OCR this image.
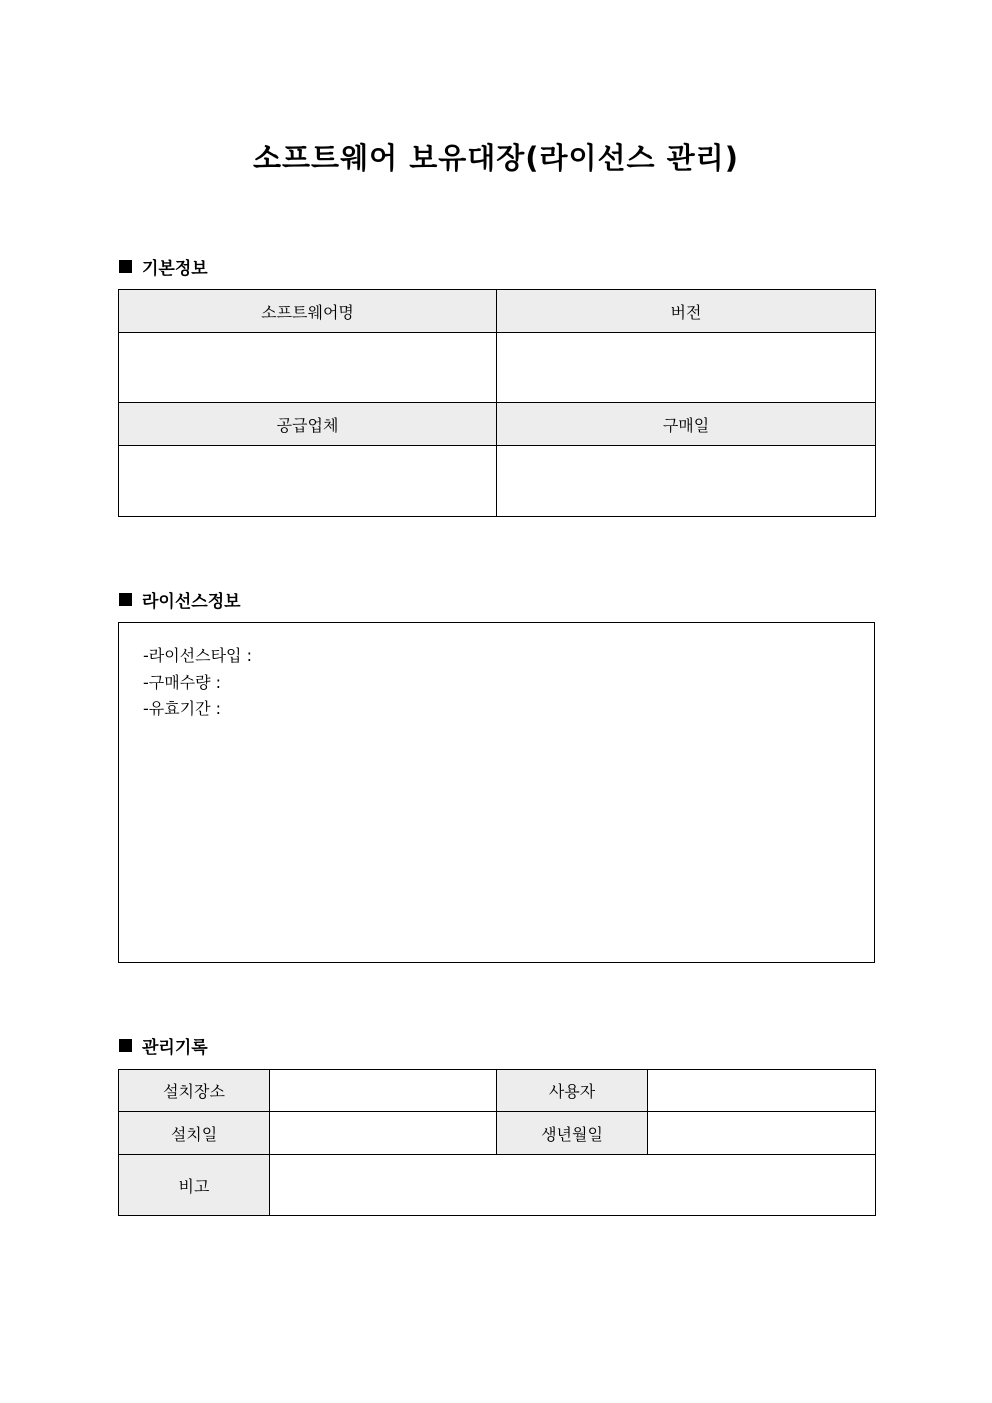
소프트웨어 보유대장(라이선스 관리)
기본정보
소프트웨어명	버전

공급업체	구매일

라이선스정보
-라이선스타입 :
-구매수량 :
-유효기간 :
관리기록
설치장소		사용자	
설치일		생년월일	
비고			
